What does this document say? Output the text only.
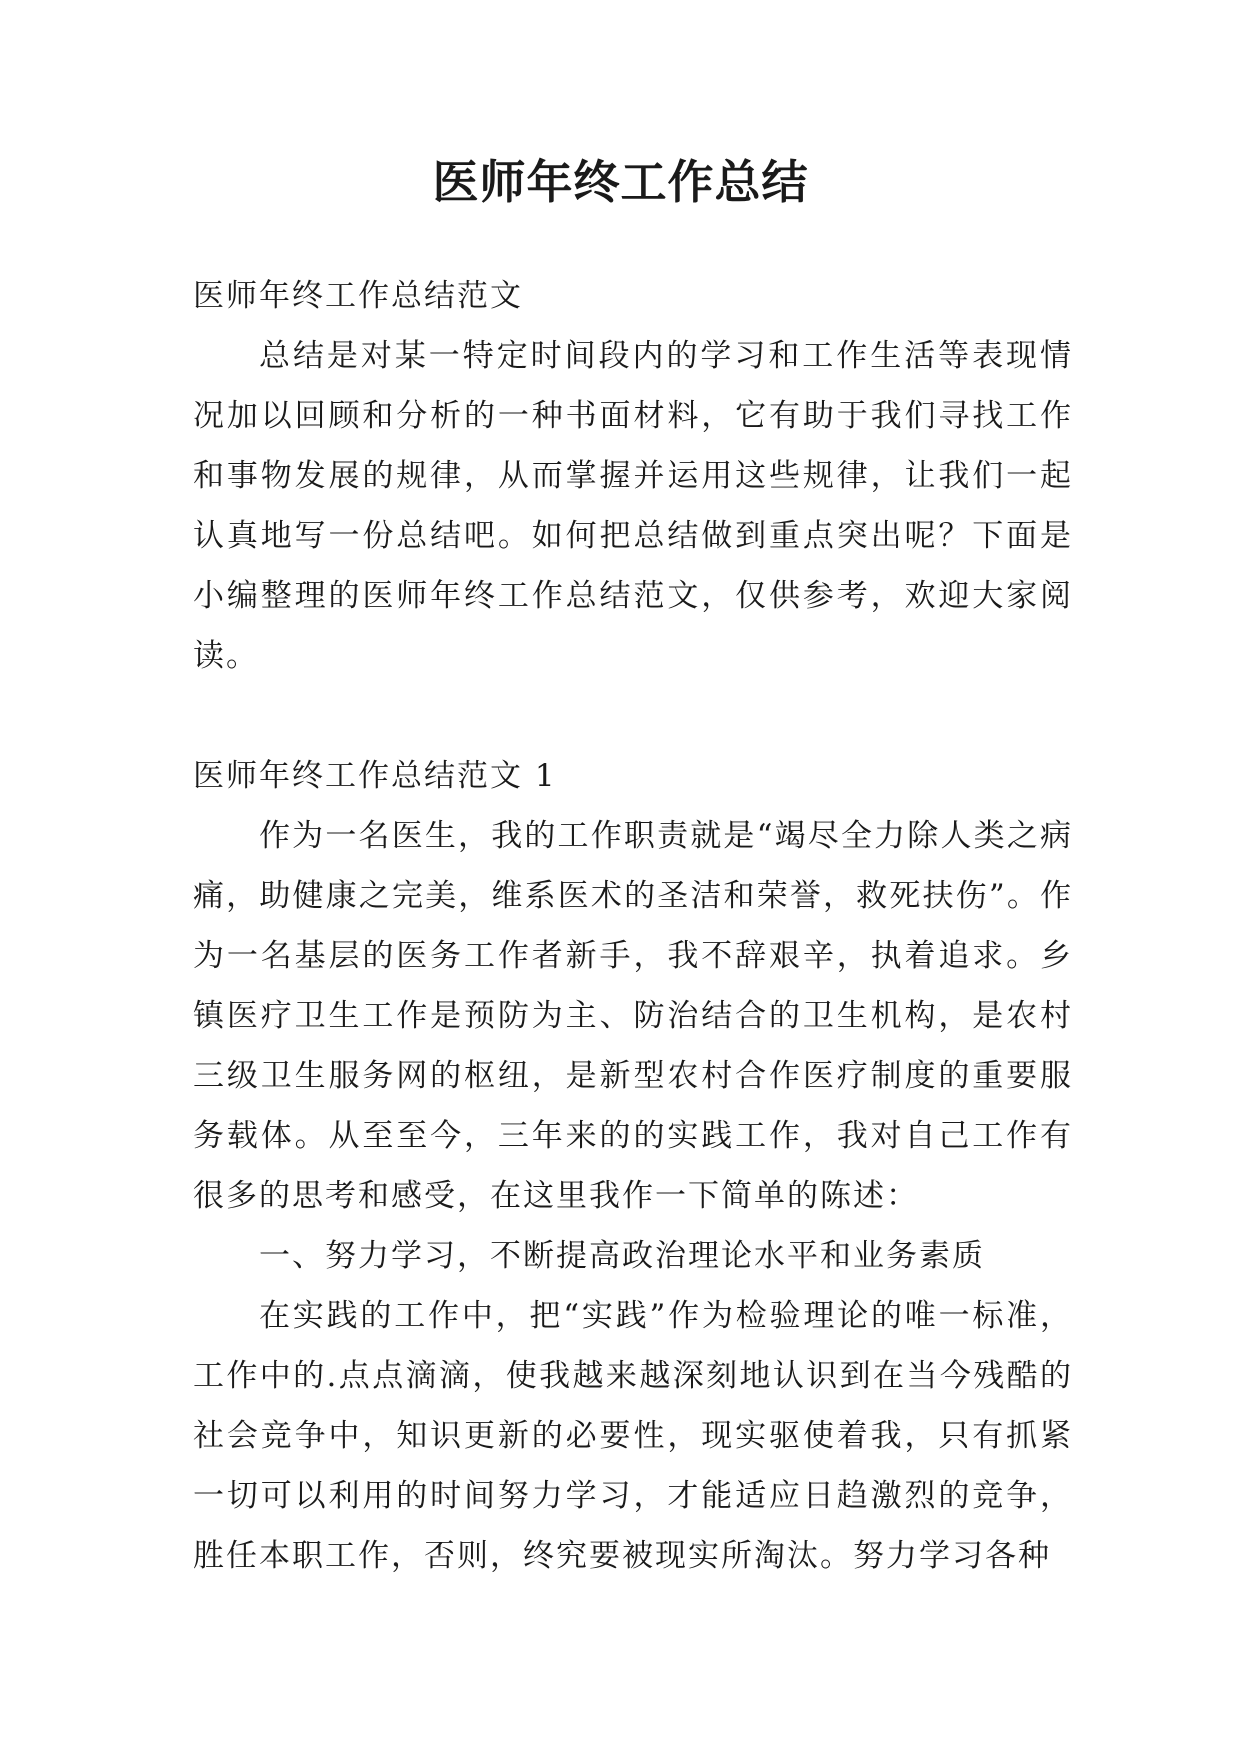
医师年终工作总结

医师年终工作总结范文

总结是对某一特定时间段内的学习和工作生活等表现情况加以回顾和分析的一种书面材料，它有助于我们寻找工作和事物发展的规律，从而掌握并运用这些规律，让我们一起认真地写一份总结吧。如何把总结做到重点突出呢？下面是小编整理的医师年终工作总结范文，仅供参考，欢迎大家阅读。

医师年终工作总结范文 1

作为一名医生，我的工作职责就是“竭尽全力除人类之病痛，助健康之完美，维系医术的圣洁和荣誉，救死扶伤”。作为一名基层的医务工作者新手，我不辞艰辛，执着追求。乡镇医疗卫生工作是预防为主、防治结合的卫生机构，是农村三级卫生服务网的枢纽，是新型农村合作医疗制度的重要服务载体。从至至今，三年来的的实践工作，我对自己工作有很多的思考和感受，在这里我作一下简单的陈述：

一、努力学习，不断提高政治理论水平和业务素质

在实践的工作中，把“实践”作为检验理论的唯一标准，工作中的.点点滴滴，使我越来越深刻地认识到在当今残酷的社会竞争中，知识更新的必要性，现实驱使着我，只有抓紧一切可以利用的时间努力学习，才能适应日趋激烈的竞争，胜任本职工作，否则，终究要被现实所淘汰。努力学习各种
